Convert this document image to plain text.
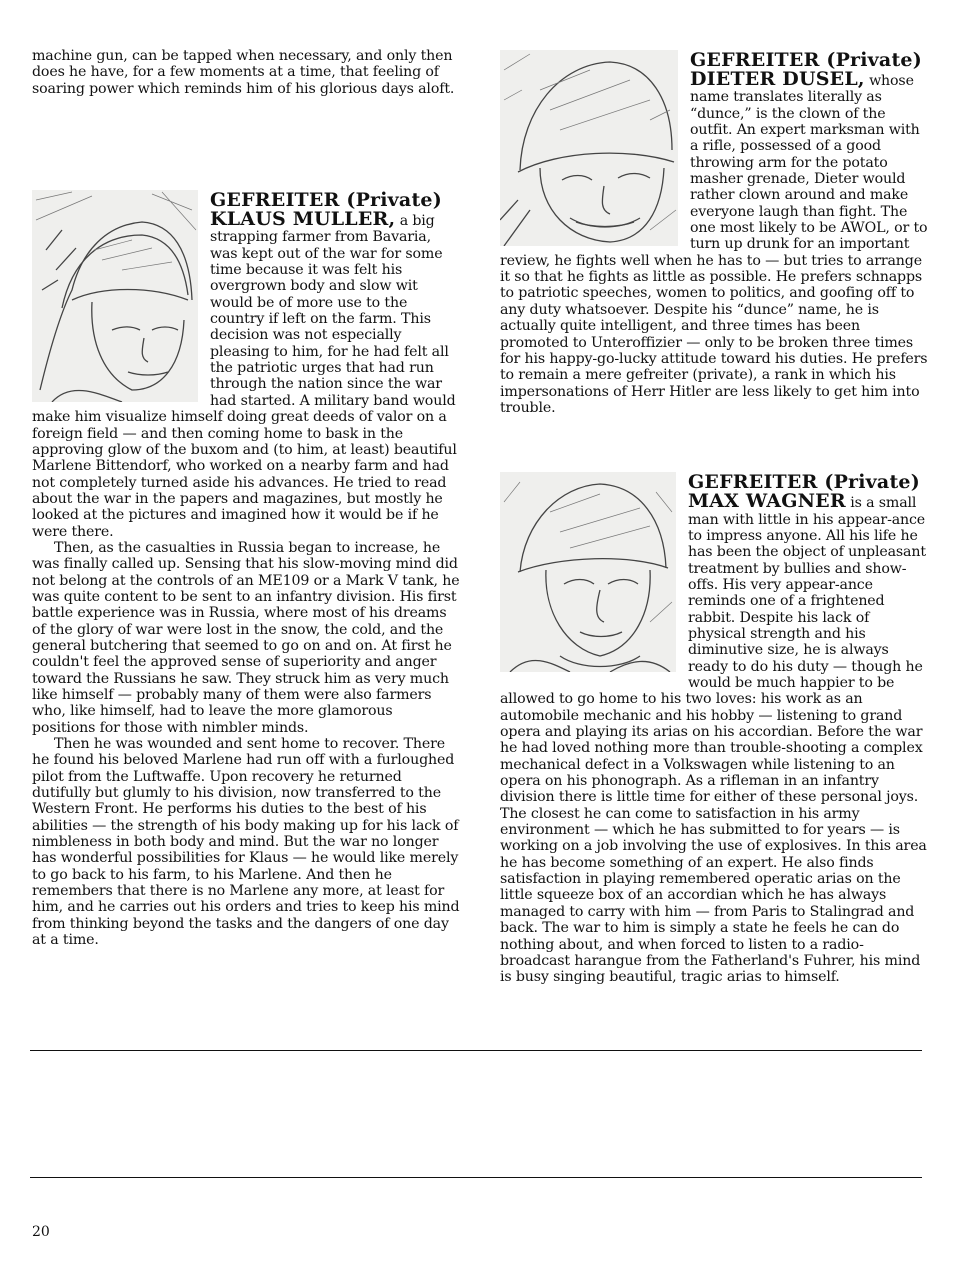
machine gun, can be tapped when necessary, and only then does he have, for a few moments at a time, that feeling of soaring power which reminds him of his glorious days aloft.

GEFREITER (Private)
KLAUS MULLER, a big strapping farmer from Bavaria, was kept out of the war for some time because it was felt his overgrown body and slow wit would be of more use to the country if left on the farm. This decision was not especially pleasing to him, for he had felt all the patriotic urges that had run through the nation since the war had started. A military band would make him visualize himself doing great deeds of valor on a foreign field — and then coming home to bask in the approving glow of the buxom and (to him, at least) beautiful Marlene Bittendorf, who worked on a nearby farm and had not completely turned aside his advances. He tried to read about the war in the papers and magazines, but mostly he looked at the pictures and imagined how it would be if he were there.

Then, as the casualties in Russia began to increase, he was finally called up. Sensing that his slow-moving mind did not belong at the controls of an ME109 or a Mark V tank, he was quite content to be sent to an infantry division. His first battle experience was in Russia, where most of his dreams of the glory of war were lost in the snow, the cold, and the general butchering that seemed to go on and on. At first he couldn't feel the approved sense of superiority and anger toward the Russians he saw. They struck him as very much like himself — probably many of them were also farmers who, like himself, had to leave the more glamorous positions for those with nimbler minds.

Then he was wounded and sent home to recover. There he found his beloved Marlene had run off with a furloughed pilot from the Luftwaffe. Upon recovery he returned dutifully but glumly to his division, now transferred to the Western Front. He performs his duties to the best of his abilities — the strength of his body making up for his lack of nimbleness in both body and mind. But the war no longer has wonderful possibilities for Klaus — he would like merely to go back to his farm, to his Marlene. And then he remembers that there is no Marlene any more, at least for him, and he carries out his orders and tries to keep his mind from thinking beyond the tasks and the dangers of one day at a time.

GEFREITER (Private)
DIETER DUSEL, whose name translates literally as “dunce,” is the clown of the outfit. An expert marksman with a rifle, possessed of a good throwing arm for the potato masher grenade, Dieter would rather clown around and make everyone laugh than fight. The one most likely to be AWOL, or to turn up drunk for an important review, he fights well when he has to — but tries to arrange it so that he fights as little as possible. He prefers schnapps to patriotic speeches, women to politics, and goofing off to any duty whatsoever. Despite his “dunce” name, he is actually quite intelligent, and three times has been promoted to Unteroffizier — only to be broken three times for his happy-go-lucky attitude toward his duties. He prefers to remain a mere gefreiter (private), a rank in which his impersonations of Herr Hitler are less likely to get him into trouble.

GEFREITER (Private)
MAX WAGNER is a small man with little in his appear-ance to impress anyone. All his life he has been the object of unpleasant treatment by bullies and show-offs. His very appear-ance reminds one of a frightened rabbit. Despite his lack of physical strength and his diminutive size, he is always ready to do his duty — though he would be much happier to be allowed to go home to his two loves: his work as an automobile mechanic and his hobby — listening to grand opera and playing its arias on his accordian. Before the war he had loved nothing more than trouble-shooting a complex mechanical defect in a Volkswagen while listening to an opera on his phonograph. As a rifleman in an infantry division there is little time for either of these personal joys. The closest he can come to satisfaction in his army environment — which he has submitted to for years — is working on a job involving the use of explosives. In this area he has become something of an expert. He also finds satisfaction in playing remembered operatic arias on the little squeeze box of an accordian which he has always managed to carry with him — from Paris to Stalingrad and back. The war to him is simply a state he feels he can do nothing about, and when forced to listen to a radio-broadcast harangue from the Fatherland's Fuhrer, his mind is busy singing beautiful, tragic arias to himself.

20
